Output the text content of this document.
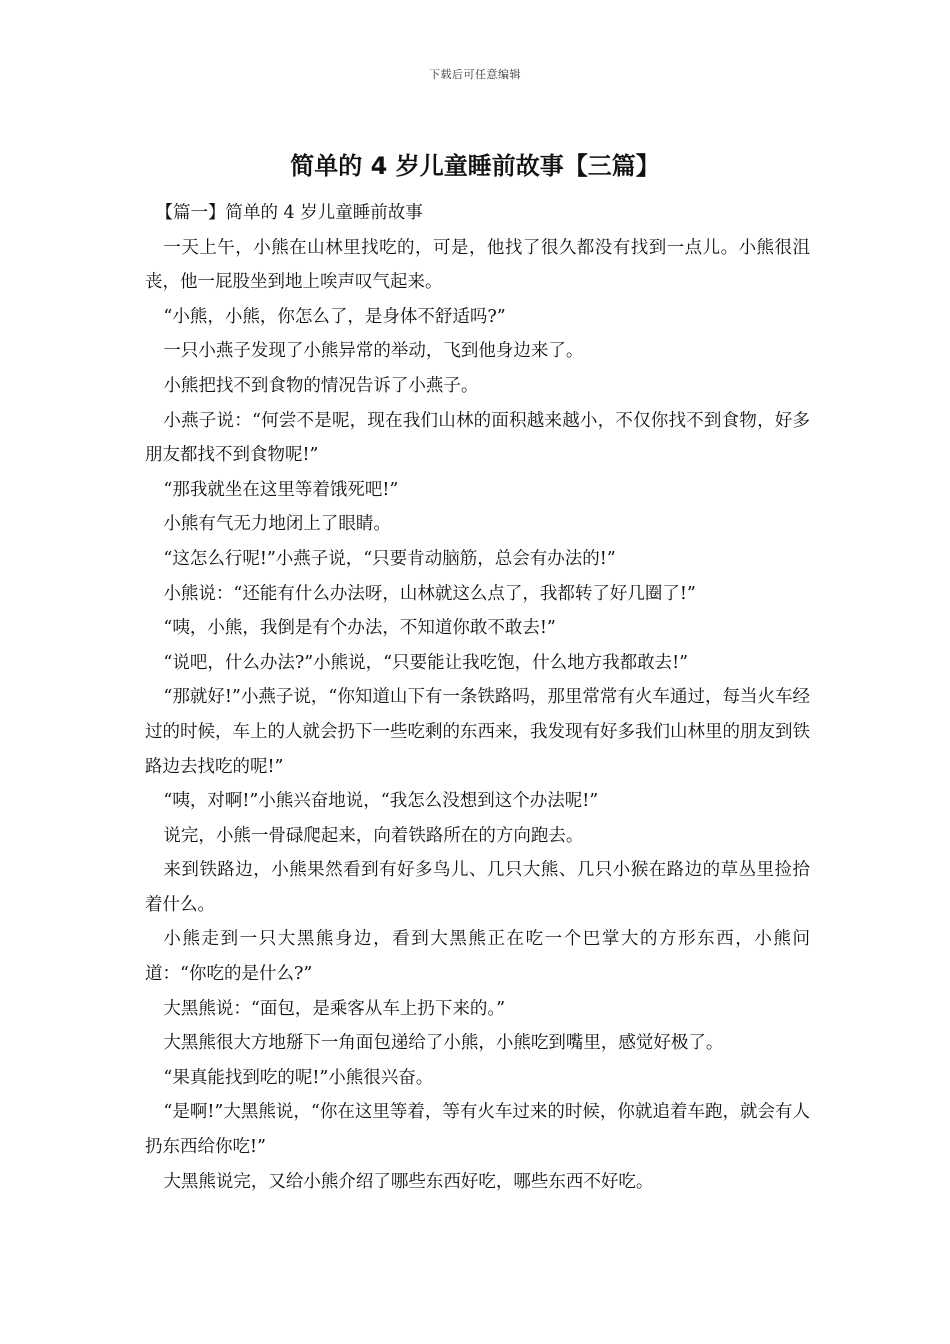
下载后可任意编辑
简单的 4 岁儿童睡前故事【三篇】

【篇一】简单的 4 岁儿童睡前故事

一天上午，小熊在山林里找吃的，可是，他找了很久都没有找到一点儿。小熊很沮丧，他一屁股坐到地上唉声叹气起来。

“小熊，小熊，你怎么了，是身体不舒适吗?”

一只小燕子发现了小熊异常的举动，飞到他身边来了。

小熊把找不到食物的情况告诉了小燕子。

小燕子说：“何尝不是呢，现在我们山林的面积越来越小，不仅你找不到食物，好多朋友都找不到食物呢!”

“那我就坐在这里等着饿死吧!”

小熊有气无力地闭上了眼睛。

“这怎么行呢!”小燕子说，“只要肯动脑筋，总会有办法的!”

小熊说：“还能有什么办法呀，山林就这么点了，我都转了好几圈了!”

“咦，小熊，我倒是有个办法，不知道你敢不敢去!”

“说吧，什么办法?”小熊说，“只要能让我吃饱，什么地方我都敢去!”

“那就好!”小燕子说，“你知道山下有一条铁路吗，那里常常有火车通过，每当火车经过的时候，车上的人就会扔下一些吃剩的东西来，我发现有好多我们山林里的朋友到铁路边去找吃的呢!”

“咦，对啊!”小熊兴奋地说，“我怎么没想到这个办法呢!”

说完，小熊一骨碌爬起来，向着铁路所在的方向跑去。

来到铁路边，小熊果然看到有好多鸟儿、几只大熊、几只小猴在路边的草丛里捡拾着什么。

小熊走到一只大黑熊身边，看到大黑熊正在吃一个巴掌大的方形东西，小熊问道：“你吃的是什么?”

大黑熊说：“面包，是乘客从车上扔下来的。”

大黑熊很大方地掰下一角面包递给了小熊，小熊吃到嘴里，感觉好极了。

“果真能找到吃的呢!”小熊很兴奋。

“是啊!”大黑熊说，“你在这里等着，等有火车过来的时候，你就追着车跑，就会有人扔东西给你吃!”

大黑熊说完，又给小熊介绍了哪些东西好吃，哪些东西不好吃。
